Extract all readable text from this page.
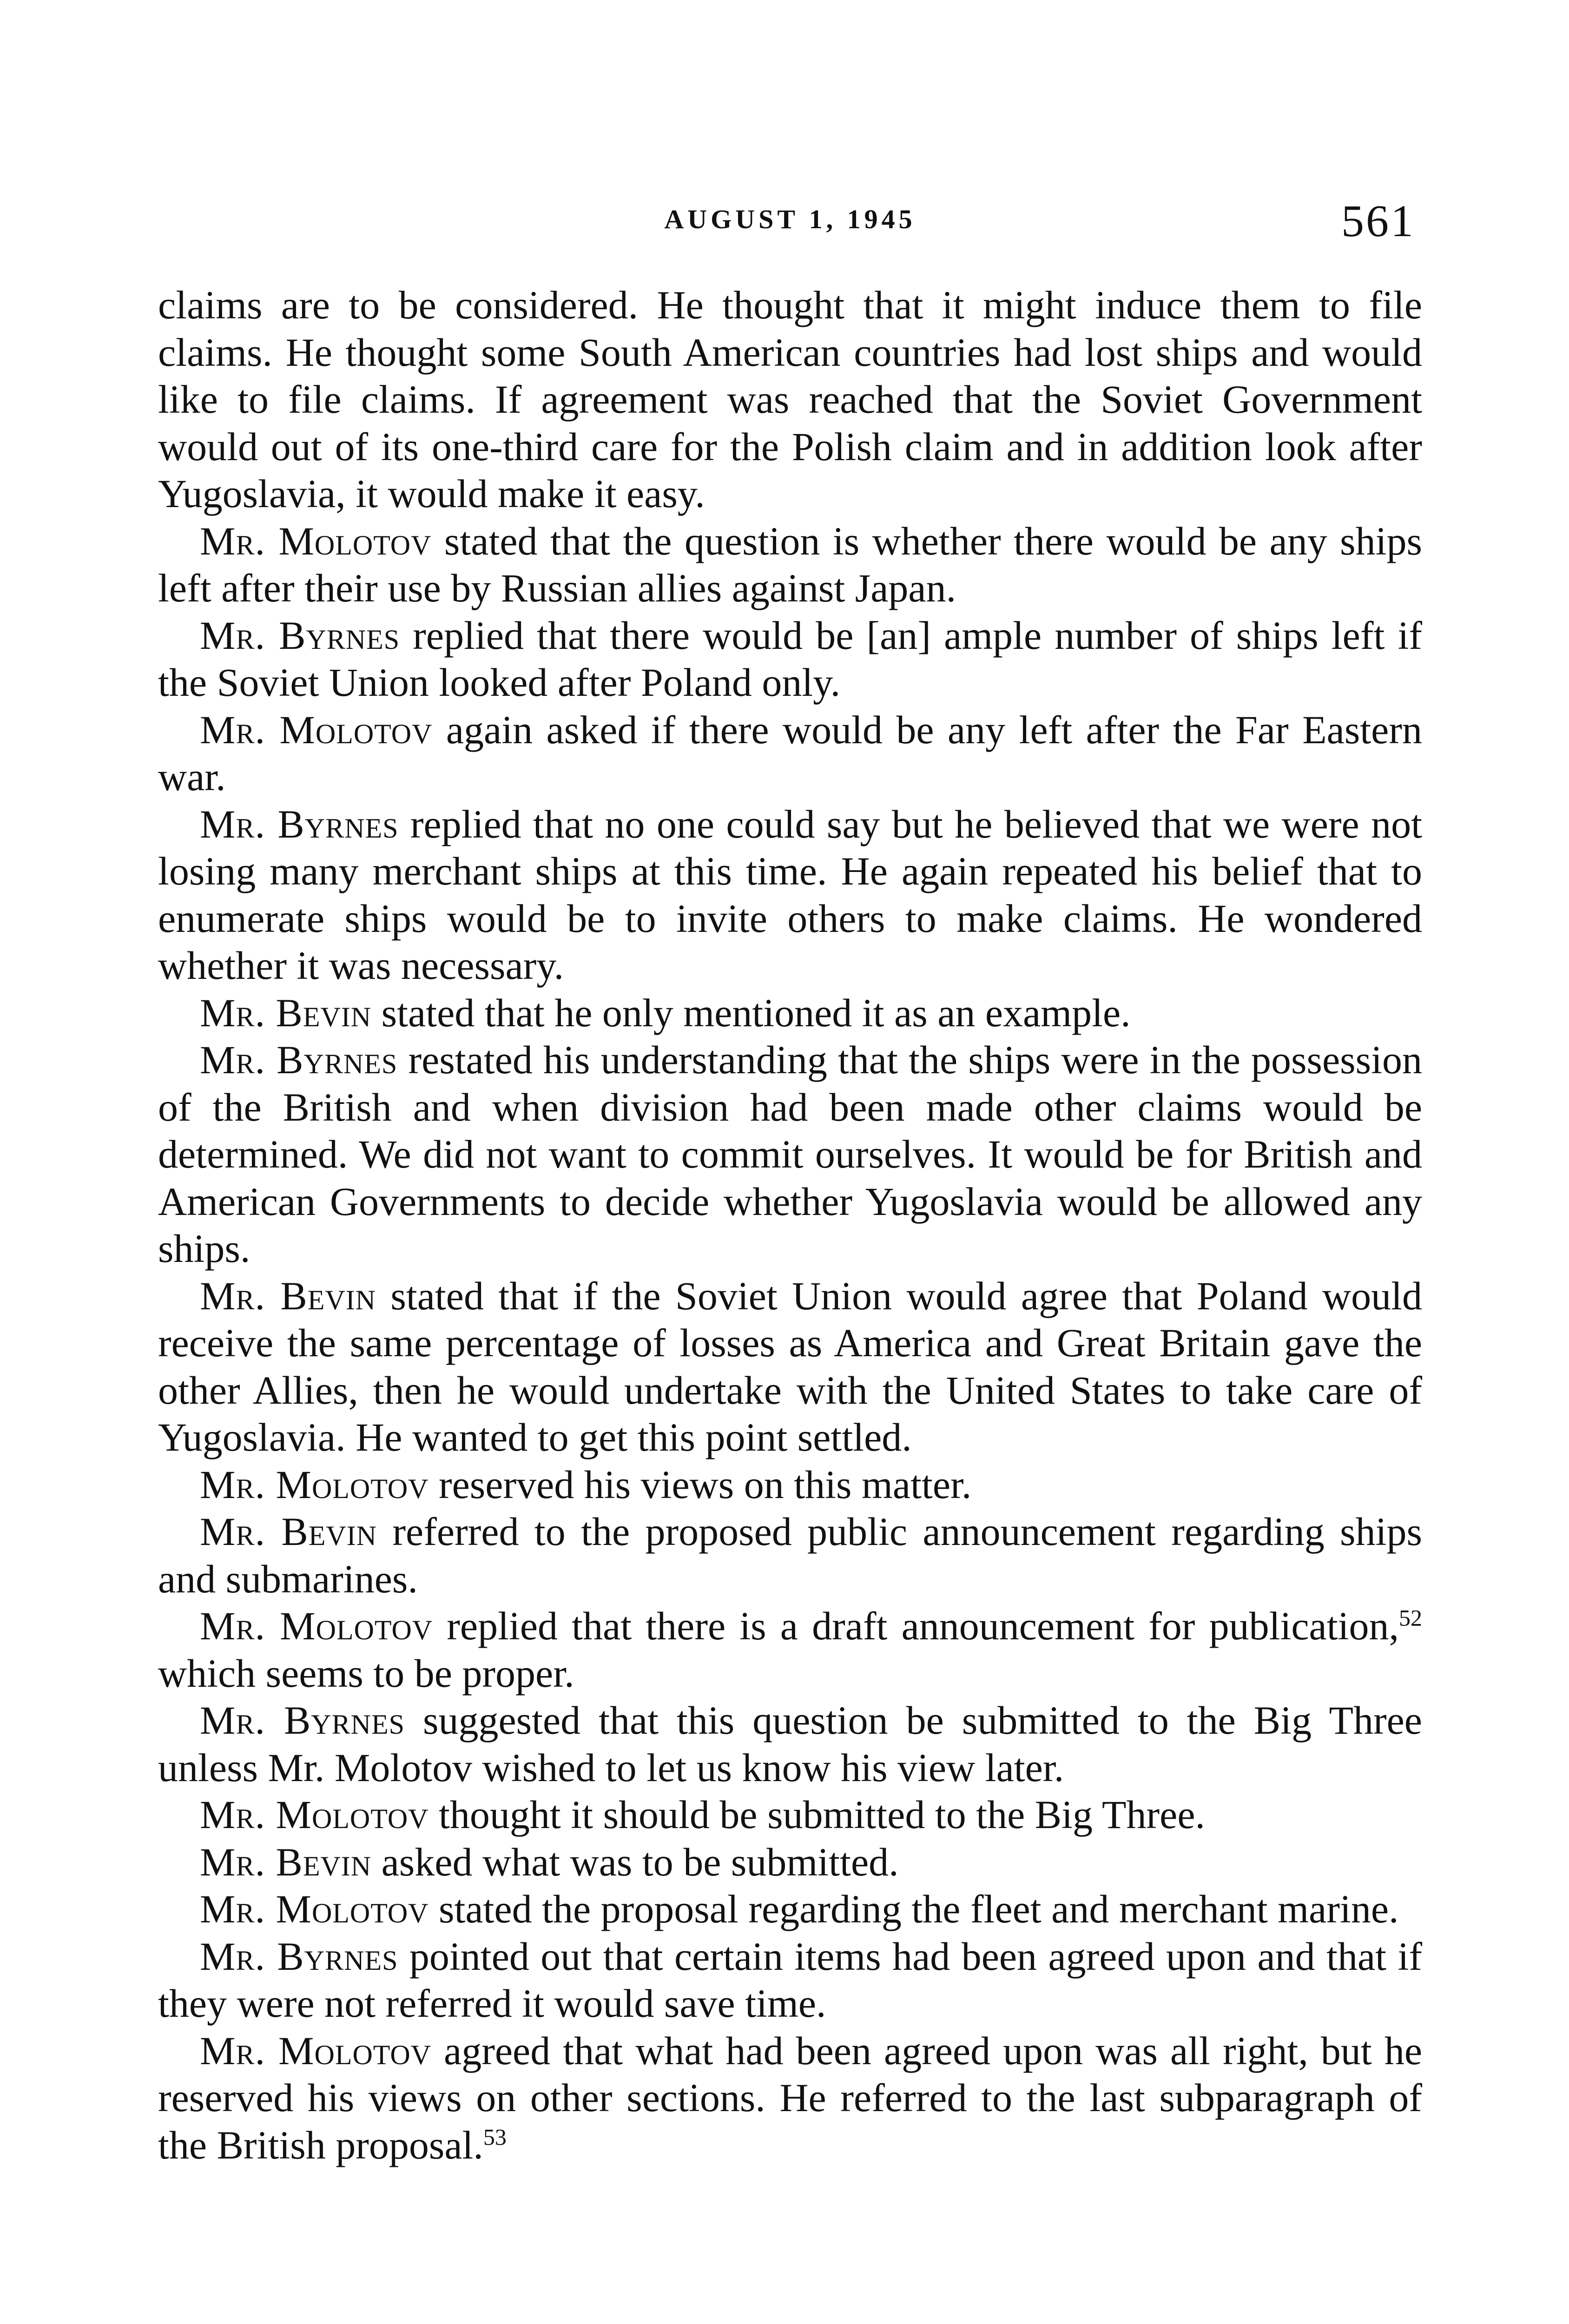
AUGUST 1, 1945	561

claims are to be considered. He thought that it might induce them to file claims. He thought some South American countries had lost ships and would like to file claims. If agreement was reached that the Soviet Government would out of its one-third care for the Polish claim and in addition look after Yugoslavia, it would make it easy.

Mr. Molotov stated that the question is whether there would be any ships left after their use by Russian allies against Japan.

Mr. Byrnes replied that there would be [an] ample number of ships left if the Soviet Union looked after Poland only.

Mr. Molotov again asked if there would be any left after the Far Eastern war.

Mr. Byrnes replied that no one could say but he believed that we were not losing many merchant ships at this time. He again repeated his belief that to enumerate ships would be to invite others to make claims. He wondered whether it was necessary.

Mr. Bevin stated that he only mentioned it as an example.

Mr. Byrnes restated his understanding that the ships were in the possession of the British and when division had been made other claims would be determined. We did not want to commit ourselves. It would be for British and American Governments to decide whether Yugoslavia would be allowed any ships.

Mr. Bevin stated that if the Soviet Union would agree that Poland would receive the same percentage of losses as America and Great Britain gave the other Allies, then he would undertake with the United States to take care of Yugoslavia. He wanted to get this point settled.

Mr. Molotov reserved his views on this matter.

Mr. Bevin referred to the proposed public announcement regarding ships and submarines.

Mr. Molotov replied that there is a draft announcement for publication,$^{52}$ which seems to be proper.

Mr. Byrnes suggested that this question be submitted to the Big Three unless Mr. Molotov wished to let us know his view later.

Mr. Molotov thought it should be submitted to the Big Three.

Mr. Bevin asked what was to be submitted.

Mr. Molotov stated the proposal regarding the fleet and merchant marine.

Mr. Byrnes pointed out that certain items had been agreed upon and that if they were not referred it would save time.

Mr. Molotov agreed that what had been agreed upon was all right, but he reserved his views on other sections. He referred to the last subparagraph of the British proposal.$^{53}$
